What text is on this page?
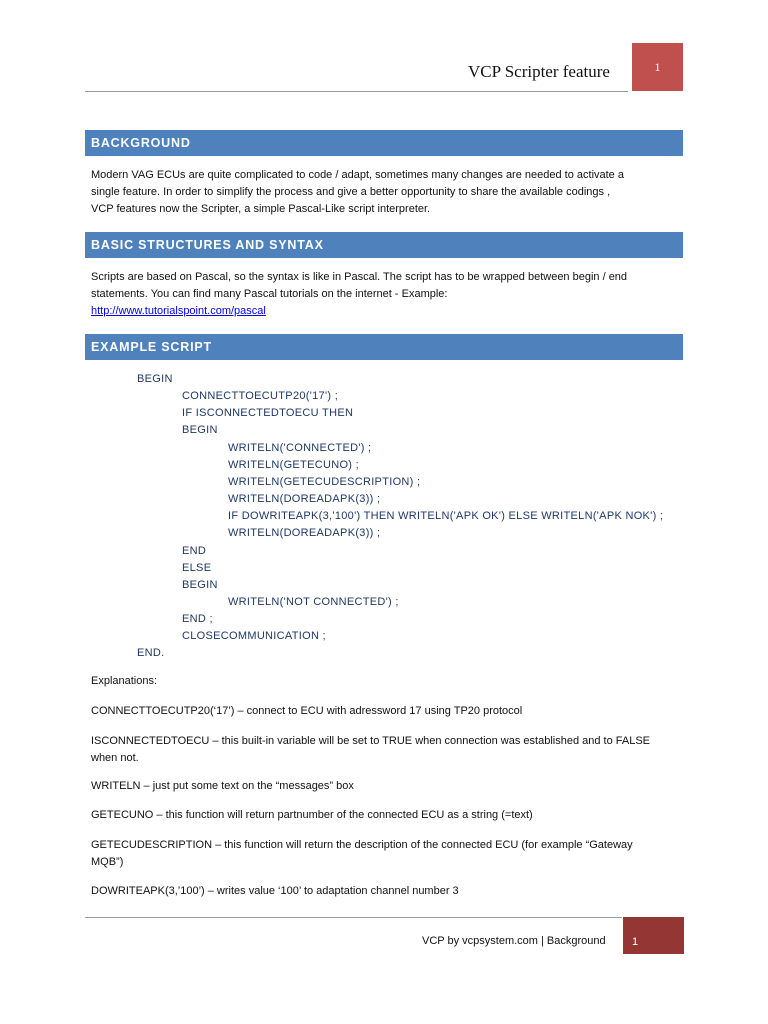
VCP Scripter feature	1
BACKGROUND
Modern VAG ECUs are quite complicated to code / adapt, sometimes many changes are needed to activate a
single feature. In order to simplify the process and give a better opportunity to share the available codings ,
VCP features now the Scripter, a simple Pascal-Like script interpreter.
BASIC STRUCTURES AND SYNTAX
Scripts are based on Pascal, so the syntax is like in Pascal. The script has to be wrapped between begin / end
statements. You can find many Pascal tutorials on the internet - Example:
http://www.tutorialspoint.com/pascal
EXAMPLE SCRIPT
BEGIN
CONNECTTOECUTP20('17') ;
IF ISCONNECTEDTOECU THEN
BEGIN
WRITELN('CONNECTED') ;
WRITELN(GETECUNO) ;
WRITELN(GETECUDESCRIPTION) ;
WRITELN(DOREADAPK(3)) ;
IF DOWRITEAPK(3,'100') THEN WRITELN('APK OK') ELSE WRITELN('APK NOK') ;
WRITELN(DOREADAPK(3)) ;
END
ELSE
BEGIN
WRITELN('NOT CONNECTED') ;
END ;
CLOSECOMMUNICATION ;
END.
Explanations:
CONNECTTOECUTP20(‘17’) – connect to ECU with adressword 17 using TP20 protocol
ISCONNECTEDTOECU – this built-in variable will be set to TRUE when connection was established and to FALSE
when not.
WRITELN – just put some text on the “messages” box
GETECUNO – this function will return partnumber of the connected ECU as a string (=text)
GETECUDESCRIPTION – this function will return the description of the connected ECU (for example “Gateway
MQB”)
DOWRITEAPK(3,’100’) – writes value ‘100’ to adaptation channel number 3
VCP by vcpsystem.com | Background	1
